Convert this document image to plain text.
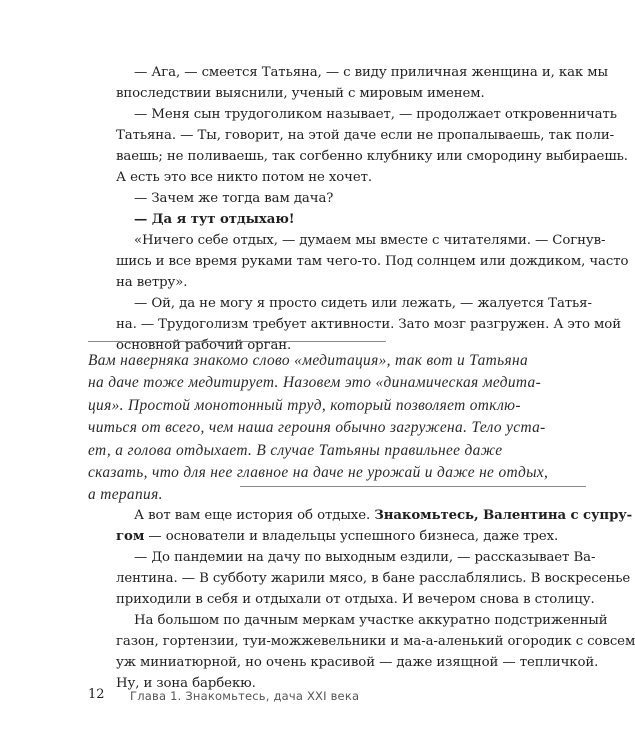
— Ага, — смеется Татьяна, — с виду приличная женщина и, как мы
впоследствии выяснили, ученый с мировым именем.
— Меня сын трудоголиком называет, — продолжает откровенничать
Татьяна. — Ты, говорит, на этой даче если не пропалываешь, так поли-
ваешь; не поливаешь, так согбенно клубнику или смородину выбираешь.
А есть это все никто потом не хочет.
— Зачем же тогда вам дача?
— Да я тут отдыхаю!
«Ничего себе отдых, — думаем мы вместе с читателями. — Согнув-
шись и все время руками там чего-то. Под солнцем или дождиком, часто
на ветру».
— Ой, да не могу я просто сидеть или лежать, — жалуется Татья-
на. — Трудоголизм требует активности. Зато мозг разгружен. А это мой
основной рабочий орган.
Вам наверняка знакомо слово «медитация», так вот и Татьяна
на даче тоже медитирует. Назовем это «динамическая медита-
ция». Простой монотонный труд, который позволяет отклю-
читься от всего, чем наша героиня обычно загружена. Тело уста-
ет, а голова отдыхает. В случае Татьяны правильнее даже
сказать, что для нее главное на даче не урожай и даже не отдых,
а терапия.
А вот вам еще история об отдыхе. Знакомьтесь, Валентина с супру-
гом — основатели и владельцы успешного бизнеса, даже трех.
— До пандемии на дачу по выходным ездили, — рассказывает Ва-
лентина. — В субботу жарили мясо, в бане расслаблялись. В воскресенье
приходили в себя и отдыхали от отдыха. И вечером снова в столицу.
На большом по дачным меркам участке аккуратно подстриженный
газон, гортензии, туи-можжевельники и ма-а-аленький огородик с совсем
уж миниатюрной, но очень красивой — даже изящной — тепличкой.
Ну, и зона барбекю.
12 Глава 1. Знакомьтесь, дача XXI века
